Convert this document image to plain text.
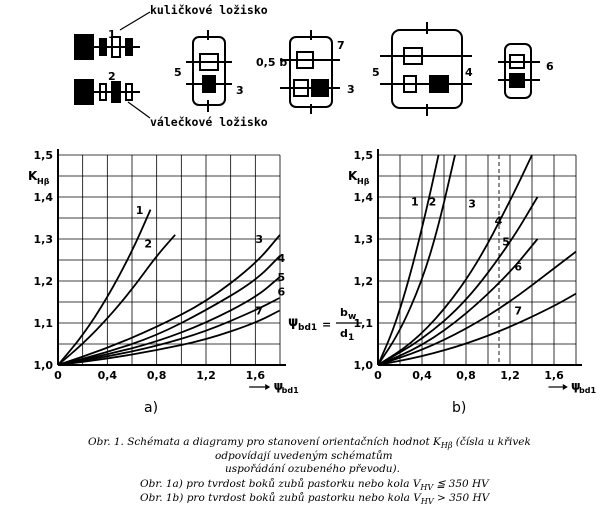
kuličkové ložisko
válečkové ložisko
1
2
3
5
7
3
0,5 b
5	4	6
0	0,4	0,8	1,2	1,6
1,0
1,1
1,2
1,3
1,4
1,5
K Hβ
ψ
bd1
a)
1
2	3
4
5
6
7
0	0,4 0,8 1,2 1,6
1,0
1,1
1,2
1,3
1,4
1,5
K Hβ
ψ
bd1
b)
1 2	3
4
5
6
7
ψ bd1 =
b w
d 1
Obr. 1. Schémata a diagramy pro stanovení orientačních hodnot $K_{H\beta}$ (čísla u křivek
odpovídají uvedeným schématům
uspořádání ozubeného převodu).
Obr. 1a) pro tvrdost boků zubů pastorku nebo kola $V_{HV}$ ≦ 350 HV
Obr. 1b) pro tvrdost boků zubů pastorku nebo kola $V_{HV} > 350$ HV
